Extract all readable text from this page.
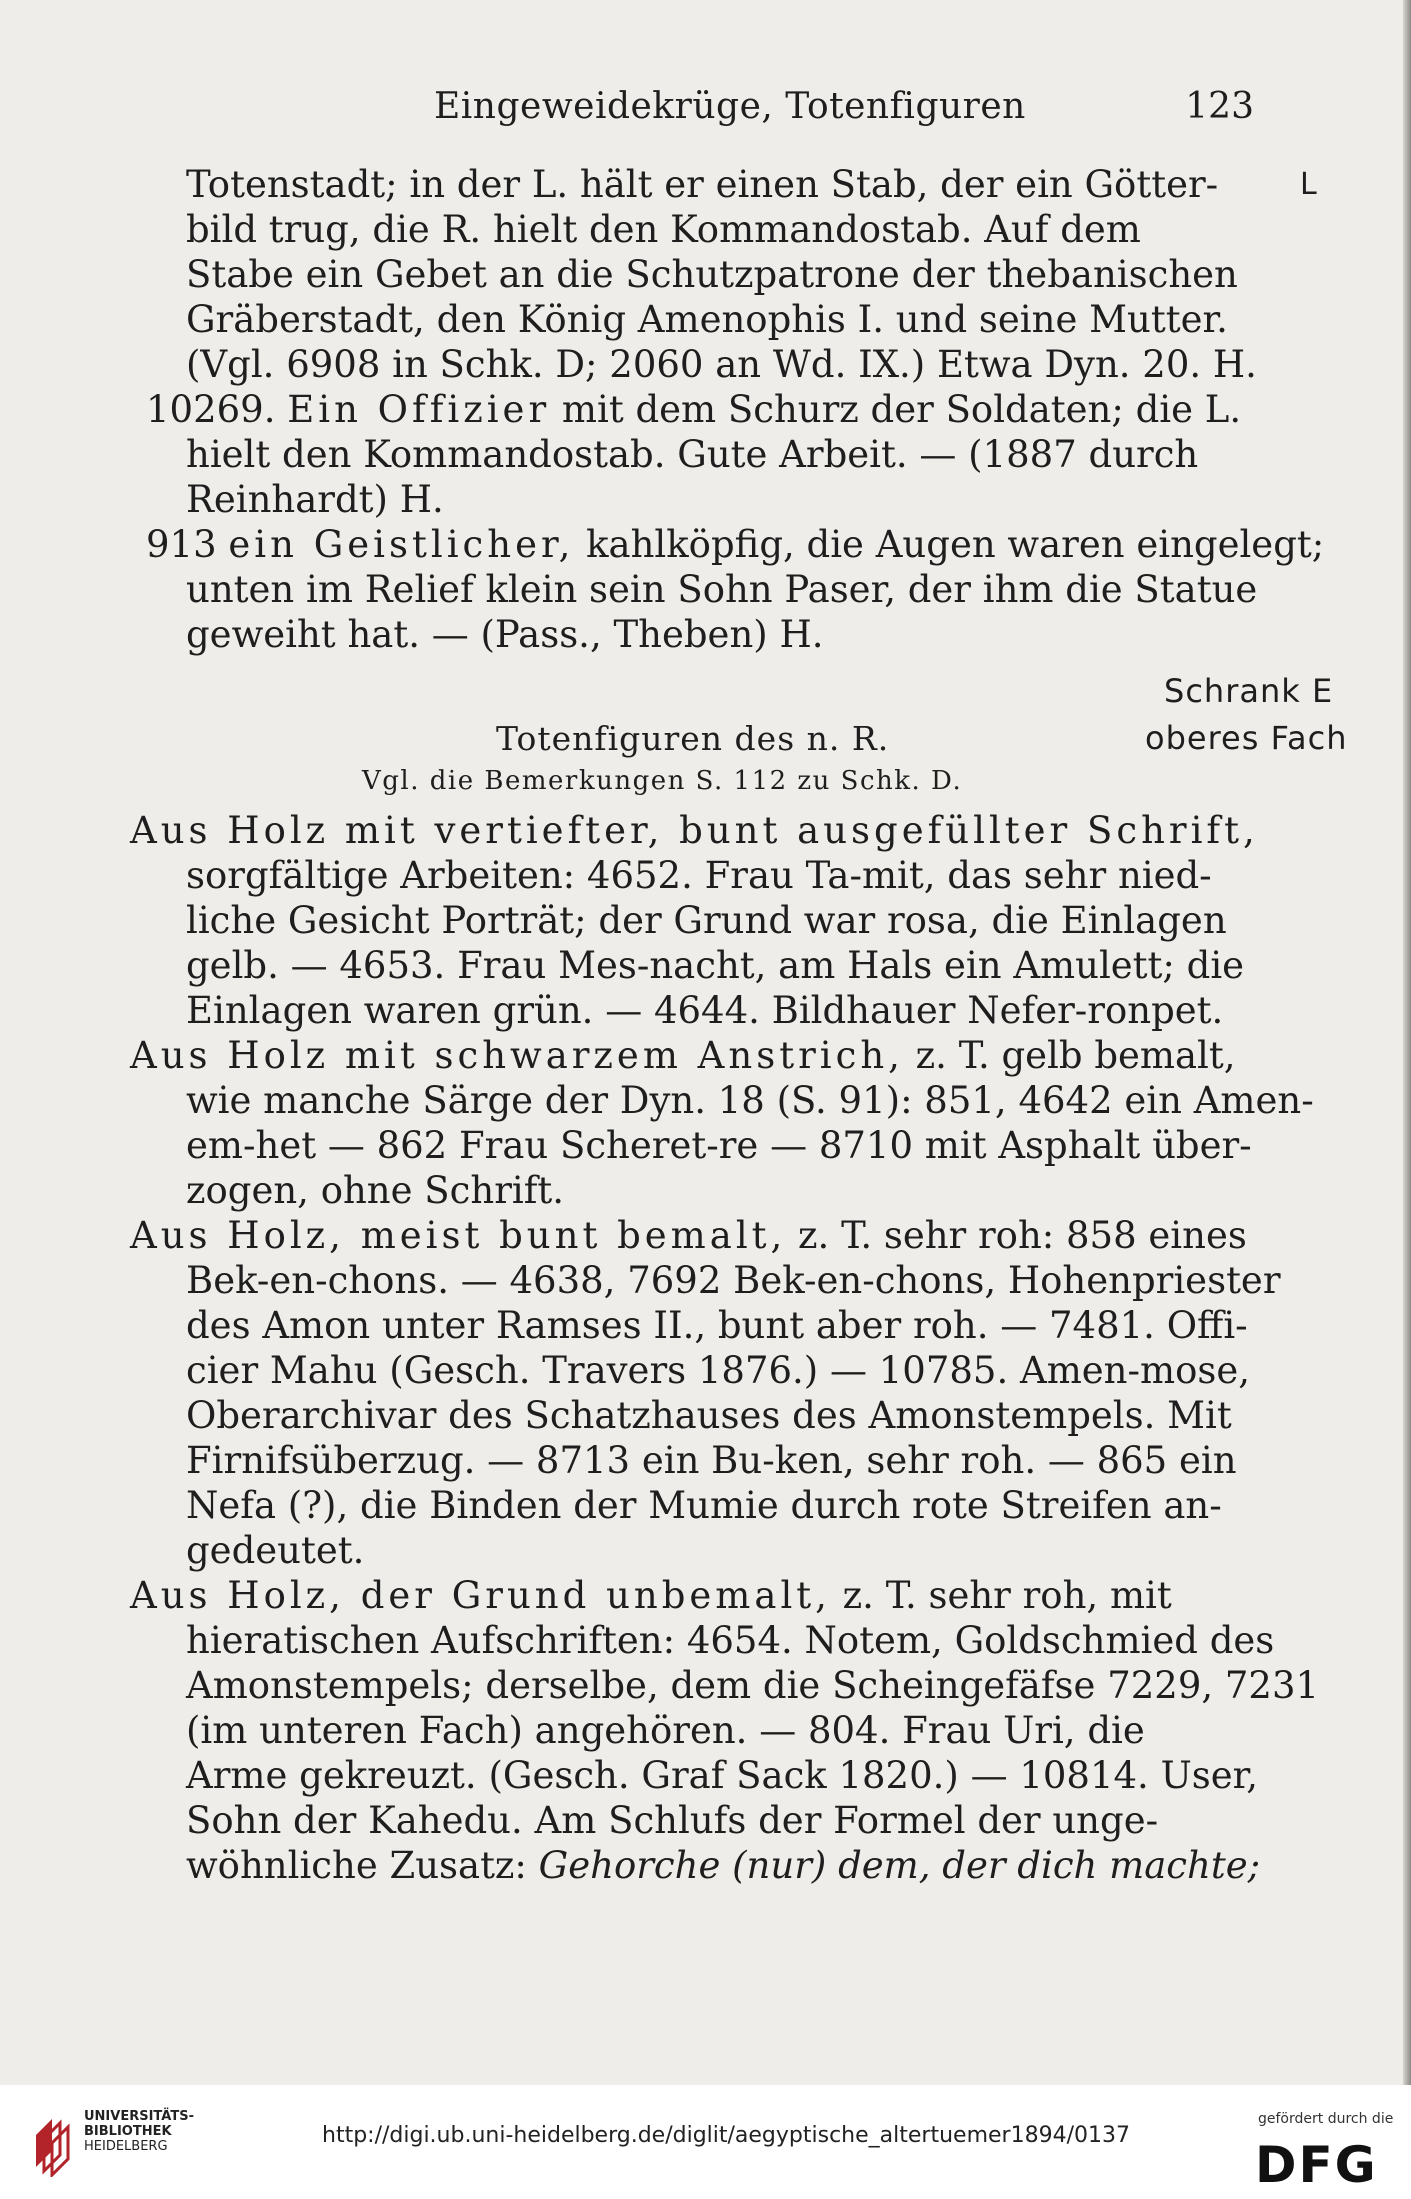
Eingeweidekrüge, Totenfiguren	123
Totenstadt; in der L. hält er einen Stab, der ein Götter-	L
bild trug, die R. hielt den Kommandostab. Auf dem
Stabe ein Gebet an die Schutzpatrone der thebanischen
Gräberstadt, den König Amenophis I. und seine Mutter.
(Vgl. 6908 in Schk. D; 2060 an Wd. IX.) Etwa Dyn. 20. H.
10269. Ein Offizier mit dem Schurz der Soldaten; die L.
hielt den Kommandostab. Gute Arbeit. — (1887 durch
Reinhardt) H.
913 ein Geistlicher, kahlköpfig, die Augen waren eingelegt;
unten im Relief klein sein Sohn Paser, der ihm die Statue
geweiht hat. — (Pass., Theben) H.
Schrank E
Totenfiguren des n. R.	oberes Fach
Vgl. die Bemerkungen S. 112 zu Schk. D.
Aus Holz mit vertiefter, bunt ausgefüllter Schrift,
sorgfältige Arbeiten: 4652. Frau Ta-mit, das sehr nied-
liche Gesicht Porträt; der Grund war rosa, die Einlagen
gelb. — 4653. Frau Mes-nacht, am Hals ein Amulett; die
Einlagen waren grün. — 4644. Bildhauer Nefer-ronpet.
Aus Holz mit schwarzem Anstrich, z. T. gelb bemalt,
wie manche Särge der Dyn. 18 (S. 91): 851, 4642 ein Amen-
em-het — 862 Frau Scheret-re — 8710 mit Asphalt über-
zogen, ohne Schrift.
Aus Holz, meist bunt bemalt, z. T. sehr roh: 858 eines
Bek-en-chons. — 4638, 7692 Bek-en-chons, Hohenpriester
des Amon unter Ramses II., bunt aber roh. — 7481. Offi-
cier Mahu (Gesch. Travers 1876.) — 10785. Amen-mose,
Oberarchivar des Schatzhauses des Amonstempels. Mit
Firnifsüberzug. — 8713 ein Bu-ken, sehr roh. — 865 ein
Nefa (?), die Binden der Mumie durch rote Streifen an-
gedeutet.
Aus Holz, der Grund unbemalt, z. T. sehr roh, mit
hieratischen Aufschriften: 4654. Notem, Goldschmied des
Amonstempels; derselbe, dem die Scheingefäfse 7229, 7231
(im unteren Fach) angehören. — 804. Frau Uri, die
Arme gekreuzt. (Gesch. Graf Sack 1820.) — 10814. User,
Sohn der Kahedu. Am Schlufs der Formel der unge-
wöhnliche Zusatz: Gehorche (nur) dem, der dich machte;
UNIVERSITÄTS-
BIBLIOTHEK
HEIDELBERG	http://digi.ub.uni-heidelberg.de/diglit/aegyptische_altertuemer1894/0137
gefördert durch die
DFG
